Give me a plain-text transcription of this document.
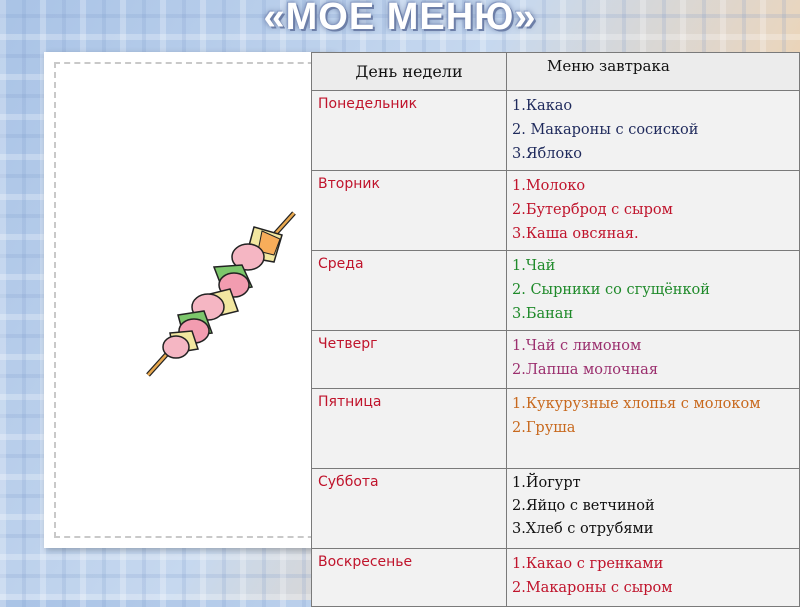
«МОЕ МЕНЮ»
День недели	Меню завтрака
Понедельник	1.Какао
2. Макароны с сосиской
3.Яблоко

Вторник	1.Молоко
2.Бутерброд с сыром
3.Каша овсяная.

Среда	1.Чай
2. Сырники со сгущёнкой
3.Банан

Четверг	1.Чай с лимоном
2.Лапша молочная

Пятница	1.Кукурузные хлопья с молоком
2.Груша

Суббота	1.Йогурт
2.Яйцо с ветчиной
3.Хлеб с отрубями

Воскресенье	1.Какао с гренками
2.Макароны с сыром
